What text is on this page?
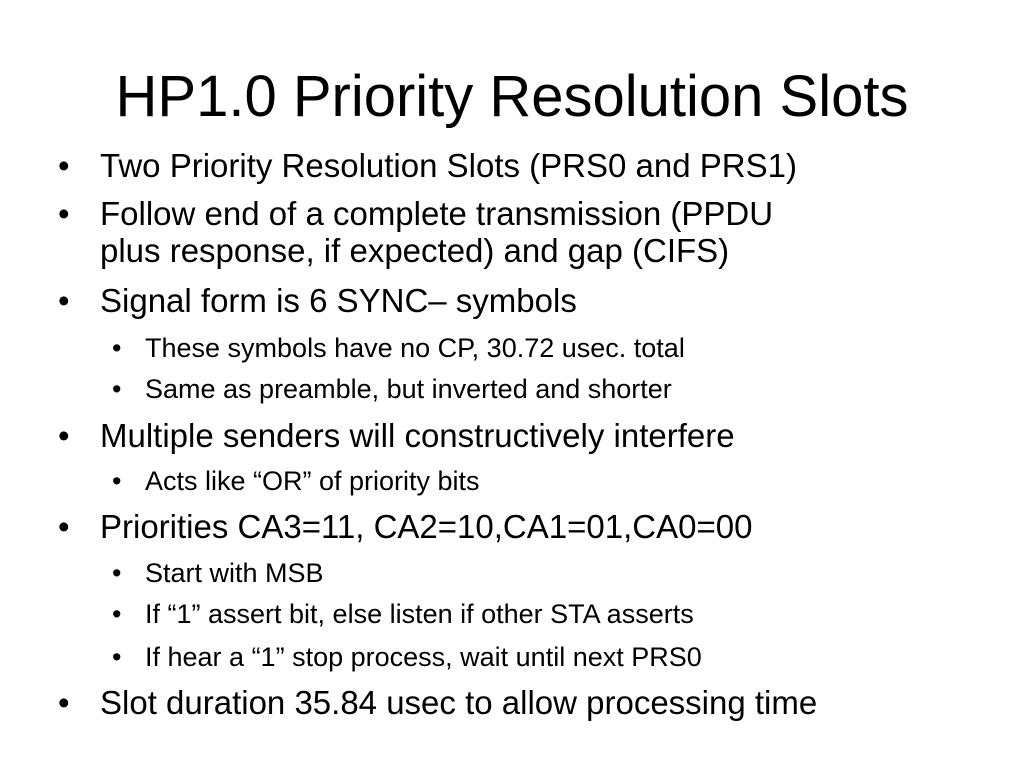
HP1.0 Priority Resolution Slots
• Two Priority Resolution Slots (PRS0 and PRS1)
• Follow end of a complete transmission (PPDU
plus response, if expected) and gap (CIFS)
• Signal form is 6 SYNC– symbols
• These symbols have no CP, 30.72 usec. total
• Same as preamble, but inverted and shorter
• Multiple senders will constructively interfere
• Acts like “OR” of priority bits
• Priorities CA3=11, CA2=10,CA1=01,CA0=00
• Start with MSB
• If “1” assert bit, else listen if other STA asserts
• If hear a “1” stop process, wait until next PRS0
• Slot duration 35.84 usec to allow processing time
